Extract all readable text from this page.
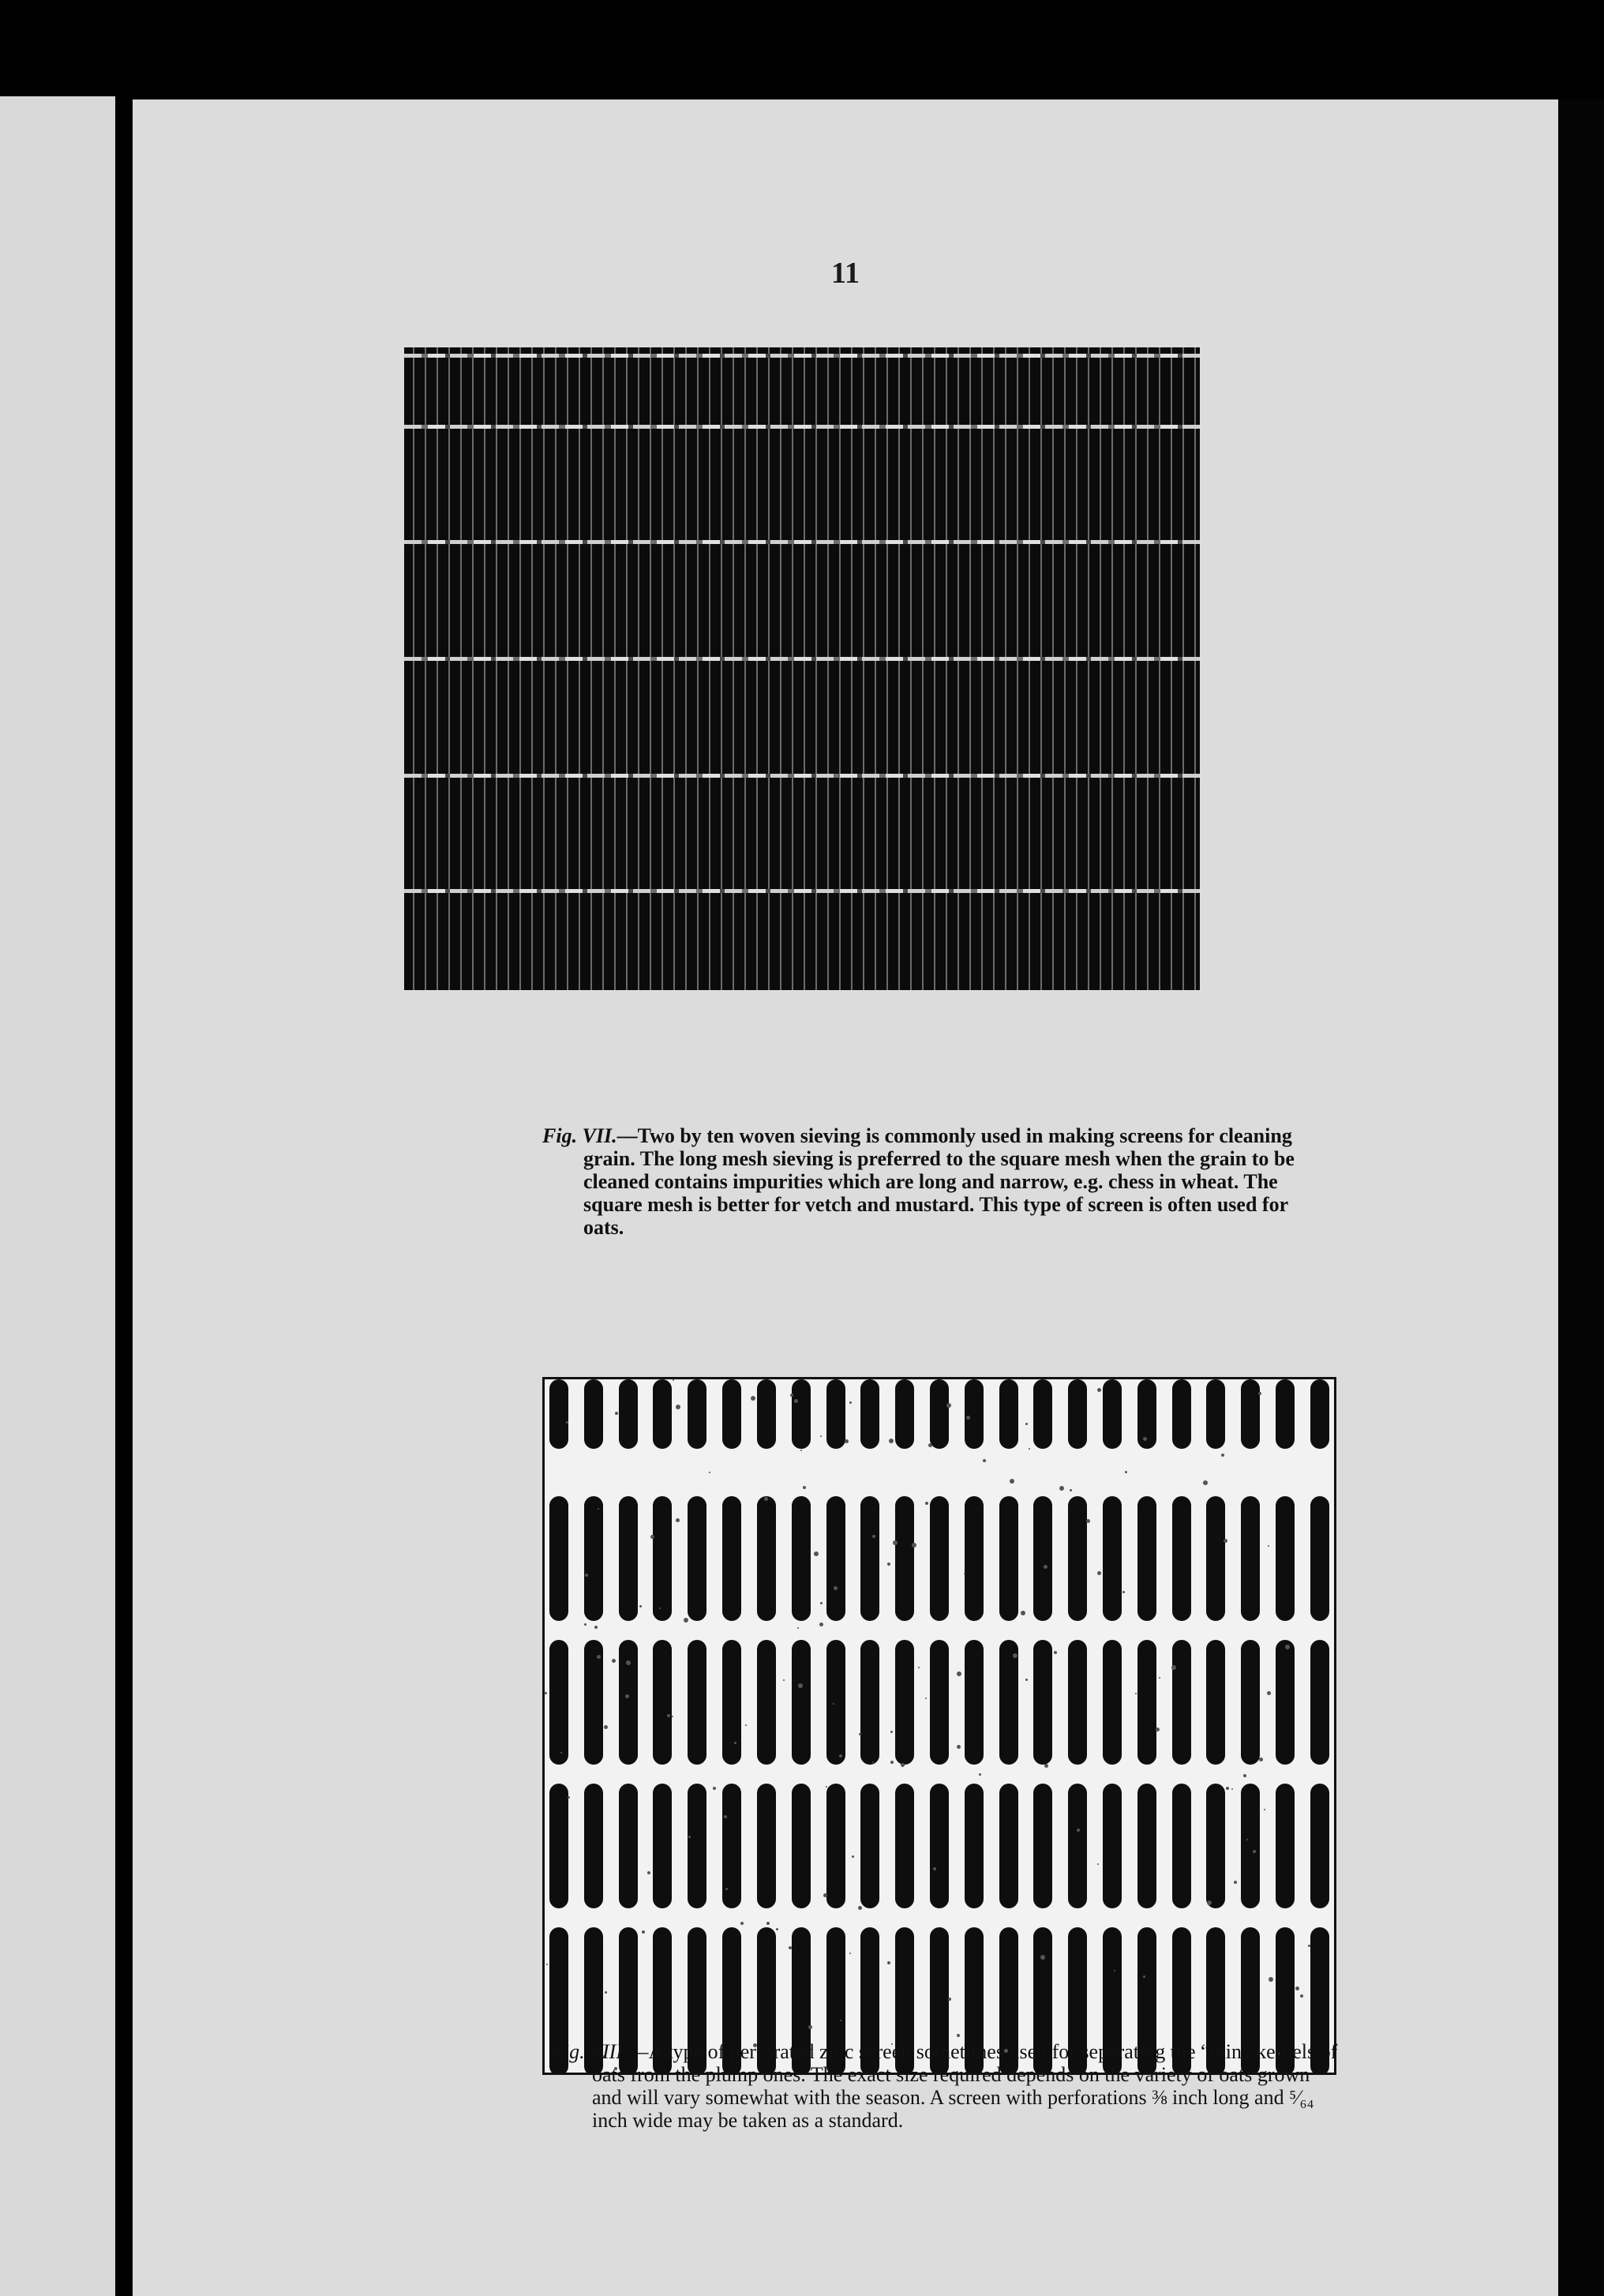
11

Fig. VII.—Two by ten woven sieving is commonly used in making screens for cleaning grain. The long mesh sieving is preferred to the square mesh when the grain to be cleaned contains impurities which are long and narrow, e.g. chess in wheat. The square mesh is better for vetch and mustard. This type of screen is often used for oats.

Fig. VIII.—A type of perforated zinc screen sometimes used for separating the “thin” kernels of oats from the plump ones. The exact size required depends on the variety of oats grown and will vary somewhat with the season. A screen with perforations ⅜ inch long and ⁵⁄₆₄ inch wide may be taken as a standard.
